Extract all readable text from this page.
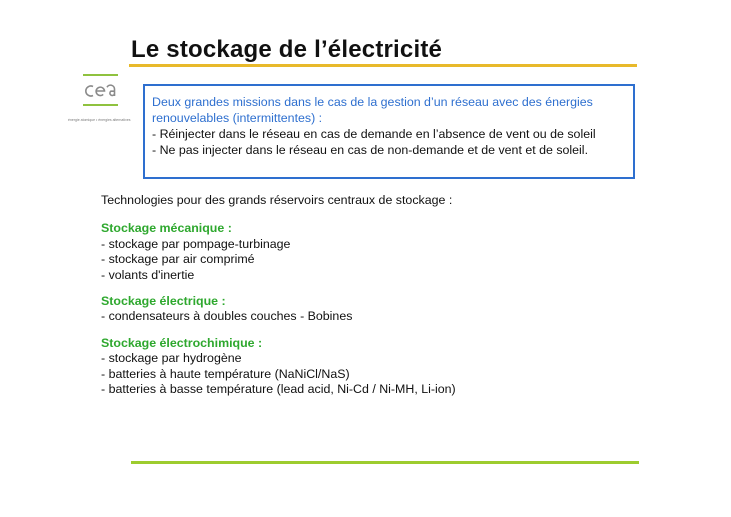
Le stockage de l’électricité
énergie atomique • énergies alternatives
Deux grandes missions dans le cas de la gestion d’un réseau avec des énergies renouvelables (intermittentes) :
- Réinjecter dans le réseau en cas de demande en l’absence de vent ou de soleil
- Ne pas injecter dans le réseau en cas de non-demande et de vent et de soleil.
Technologies pour des grands réservoirs centraux de stockage :
Stockage mécanique :
- stockage par pompage-turbinage
- stockage par air comprimé
- volants d'inertie
Stockage électrique :
- condensateurs à doubles couches - Bobines
Stockage électrochimique :
- stockage par hydrogène
- batteries à haute température (NaNiCl/NaS)
- batteries à basse température (lead acid, Ni-Cd / Ni-MH, Li-ion)
